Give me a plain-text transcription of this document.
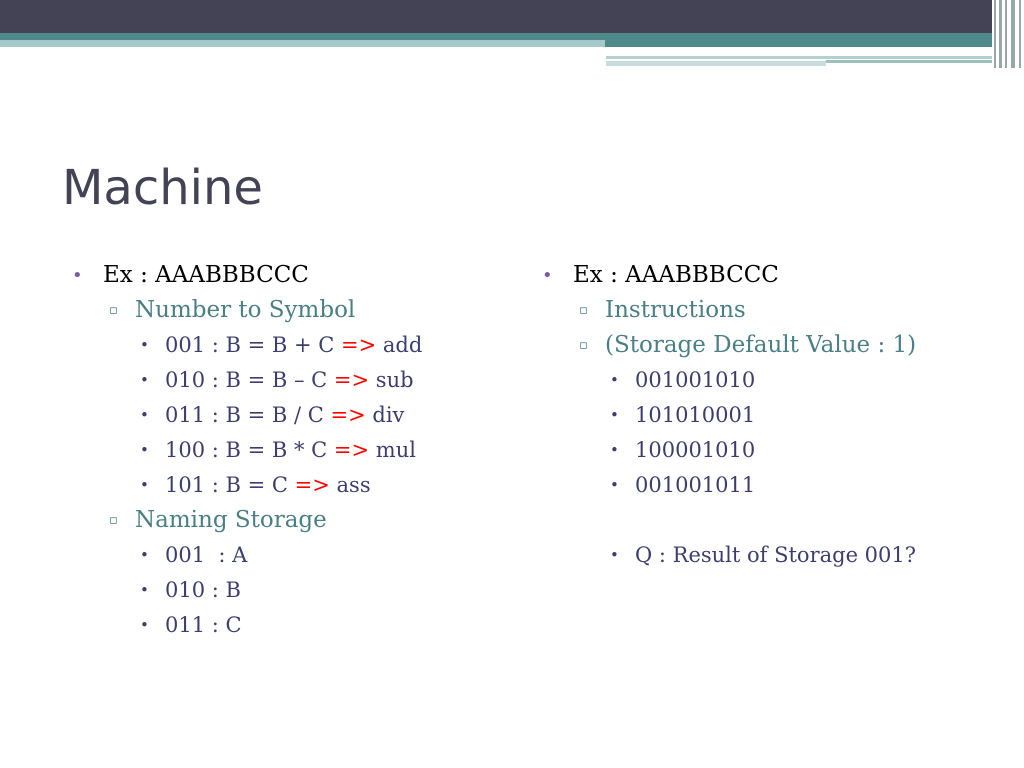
Machine
• Ex : AAABBBCCC
▫ Number to Symbol
• 001 : B = B + C => add
• 010 : B = B – C => sub
• 011 : B = B / C => div
• 100 : B = B * C => mul
• 101 : B = C => ass
▫ Naming Storage
• 001  : A
• 010 : B
• 011 : C
• Ex : AAABBBCCC
▫ Instructions
▫ (Storage Default Value : 1)
• 001001010
• 101010001
• 100001010
• 001001011
• Q : Result of Storage 001?
